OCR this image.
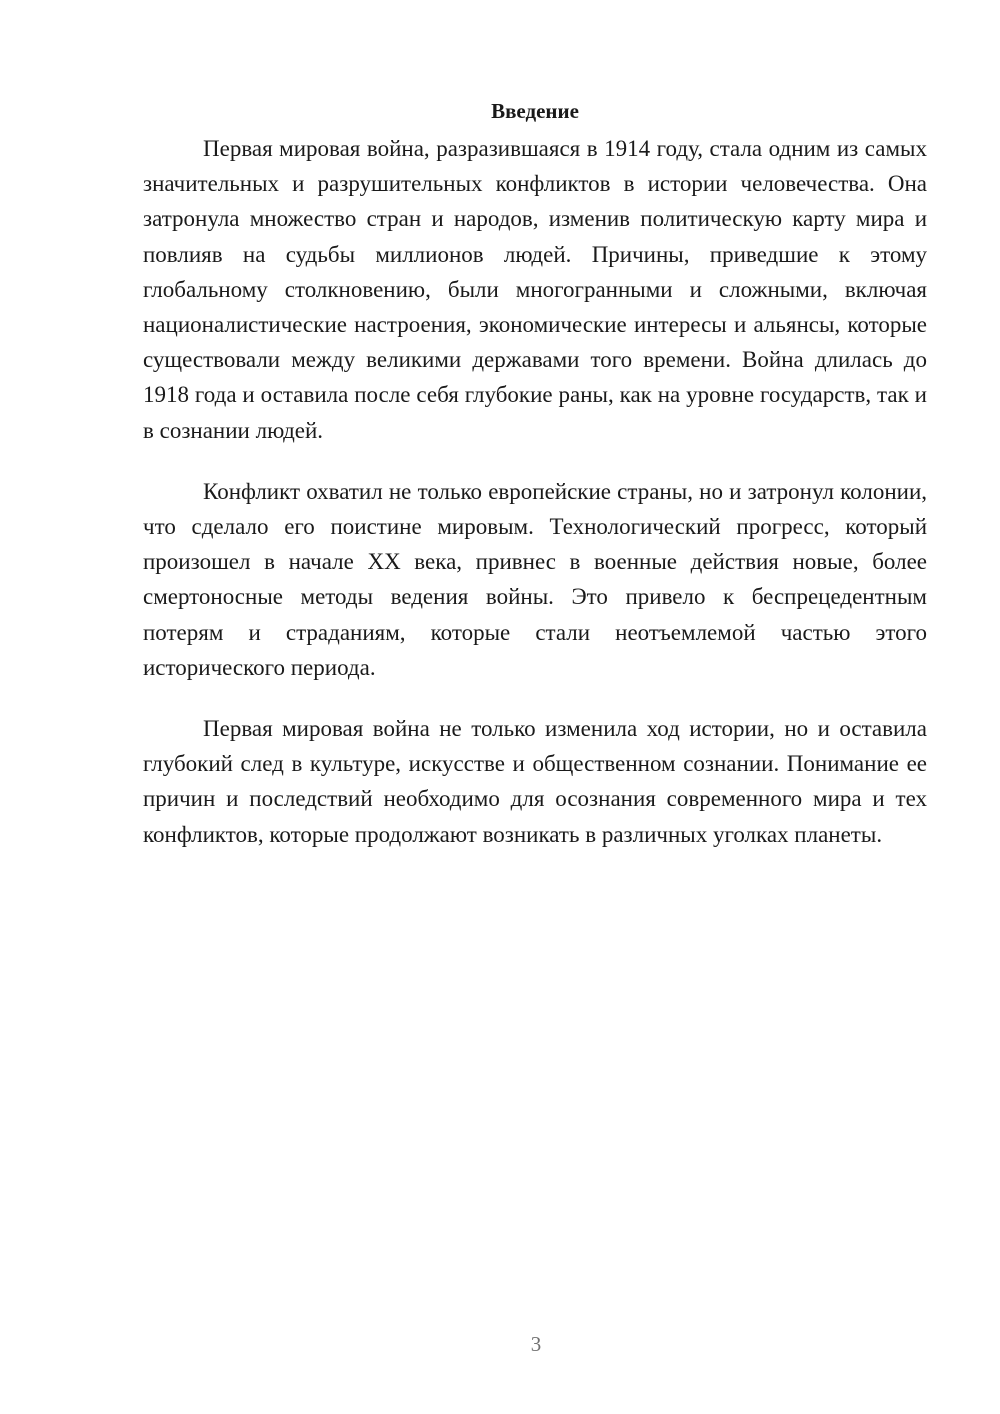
Введение

Первая мировая война, разразившаяся в 1914 году, стала одним из самых значительных и разрушительных конфликтов в истории человечества. Она затронула множество стран и народов, изменив политическую карту мира и повлияв на судьбы миллионов людей. Причины, приведшие к этому глобальному столкновению, были многогранными и сложными, включая националистические настроения, экономические интересы и альянсы, которые существовали между великими державами того времени. Война длилась до 1918 года и оставила после себя глубокие раны, как на уровне государств, так и в сознании людей.

Конфликт охватил не только европейские страны, но и затронул колонии, что сделало его поистине мировым. Технологический прогресс, который произошел в начале XX века, привнес в военные действия новые, более смертоносные методы ведения войны. Это привело к беспрецедентным потерям и страданиям, которые стали неотъемлемой частью этого исторического периода.

Первая мировая война не только изменила ход истории, но и оставила глубокий след в культуре, искусстве и общественном сознании. Понимание ее причин и последствий необходимо для осознания современного мира и тех конфликтов, которые продолжают возникать в различных уголках планеты.

3
